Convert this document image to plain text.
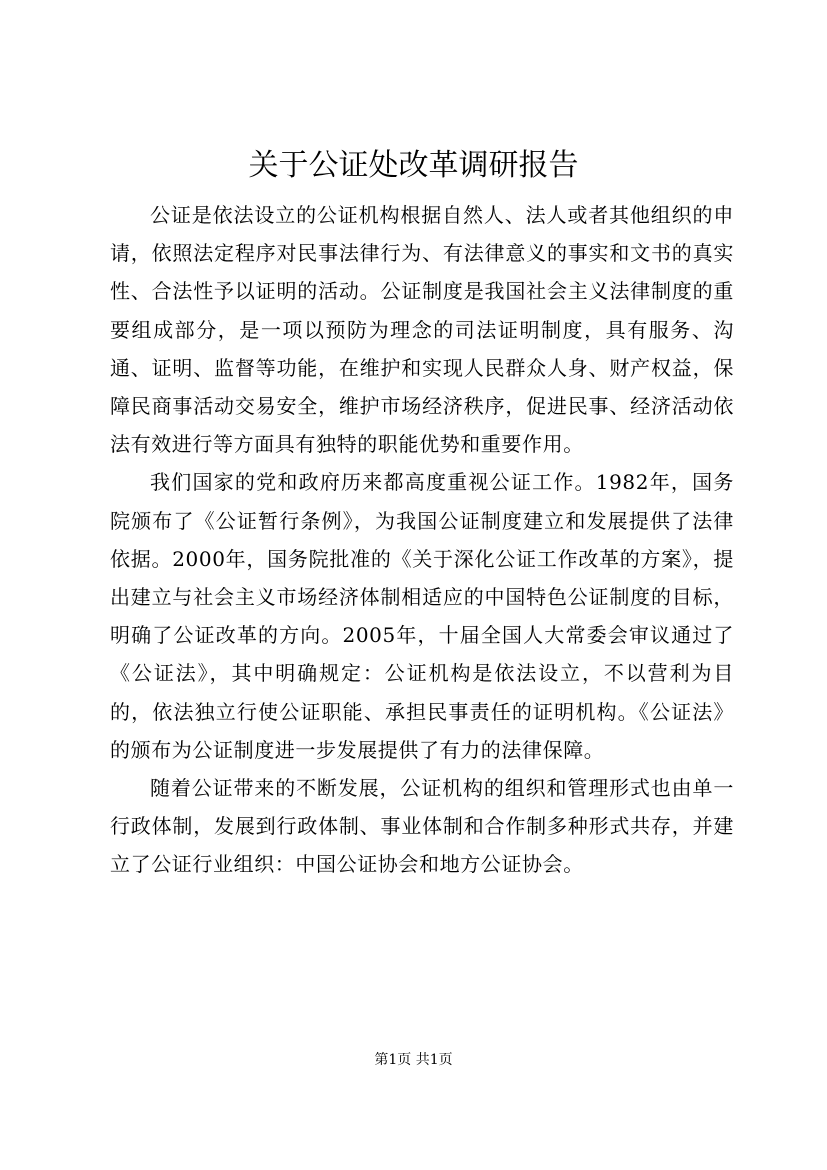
关于公证处改革调研报告

公证是依法设立的公证机构根据自然人、法人或者其他组织的申请，依照法定程序对民事法律行为、有法律意义的事实和文书的真实性、合法性予以证明的活动。公证制度是我国社会主义法律制度的重要组成部分，是一项以预防为理念的司法证明制度，具有服务、沟通、证明、监督等功能，在维护和实现人民群众人身、财产权益，保障民商事活动交易安全，维护市场经济秩序，促进民事、经济活动依法有效进行等方面具有独特的职能优势和重要作用。

我们国家的党和政府历来都高度重视公证工作。1982年，国务院颁布了《公证暂行条例》，为我国公证制度建立和发展提供了法律依据。2000年，国务院批准的《关于深化公证工作改革的方案》，提出建立与社会主义市场经济体制相适应的中国特色公证制度的目标，明确了公证改革的方向。2005年，十届全国人大常委会审议通过了《公证法》，其中明确规定：公证机构是依法设立，不以营利为目的，依法独立行使公证职能、承担民事责任的证明机构。《公证法》的颁布为公证制度进一步发展提供了有力的法律保障。

随着公证带来的不断发展，公证机构的组织和管理形式也由单一行政体制，发展到行政体制、事业体制和合作制多种形式共存，并建立了公证行业组织：中国公证协会和地方公证协会。

第1页 共1页
